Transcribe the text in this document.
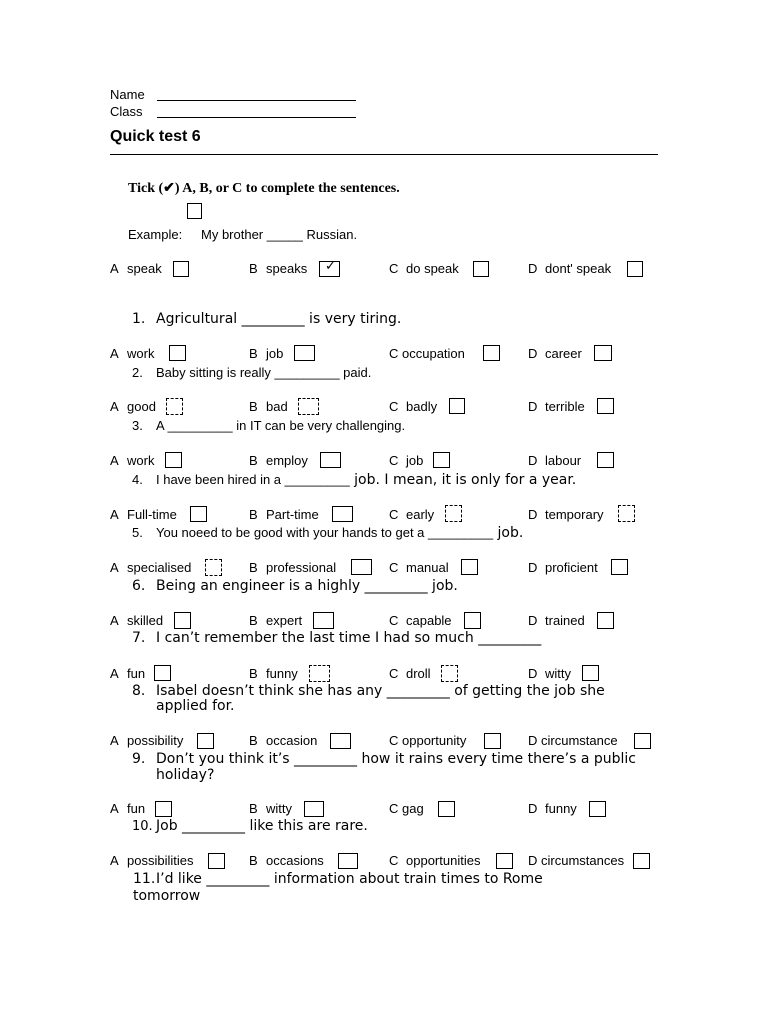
Name
Class
Quick test 6
Tick (✔) A, B, or C to complete the sentences.
Example: My brother _____ Russian.
A speak	B speaks	✓	C do speak	D dont' speak
1. Agricultural _________ is very tiring.
A work	B job	C occupation	D career
2. Baby sitting is really _________ paid.
A good	B bad	C badly	D terrible
3. A _________ in IT can be very challenging.
A work	B employ	C job	D labour
4. I have been hired in a _________ job. I mean, it is only for a year.
A Full-time	B Part-time	C early	D temporary
5. You noeed to be good with your hands to get a _________ job.
A specialised	B professional	C manual	D proficient
6. Being an engineer is a highly _________ job.
A skilled	B expert	C capable	D trained
7. I can’t remember the last time I had so much _________
A fun	B funny	C droll	D witty
8. Isabel doesn’t think she has any _________ of getting the job she
applied for.
A possibility	B occasion	C opportunity	D circumstance
9. Don’t you think it’s _________ how it rains every time there’s a public
holiday?
A fun	B witty	C gag	D funny
10. Job _________ like this are rare.
A possibilities	B occasions	C opportunities	D circumstances
11. I’d like _________ information about train times to Rome
tomorrow
